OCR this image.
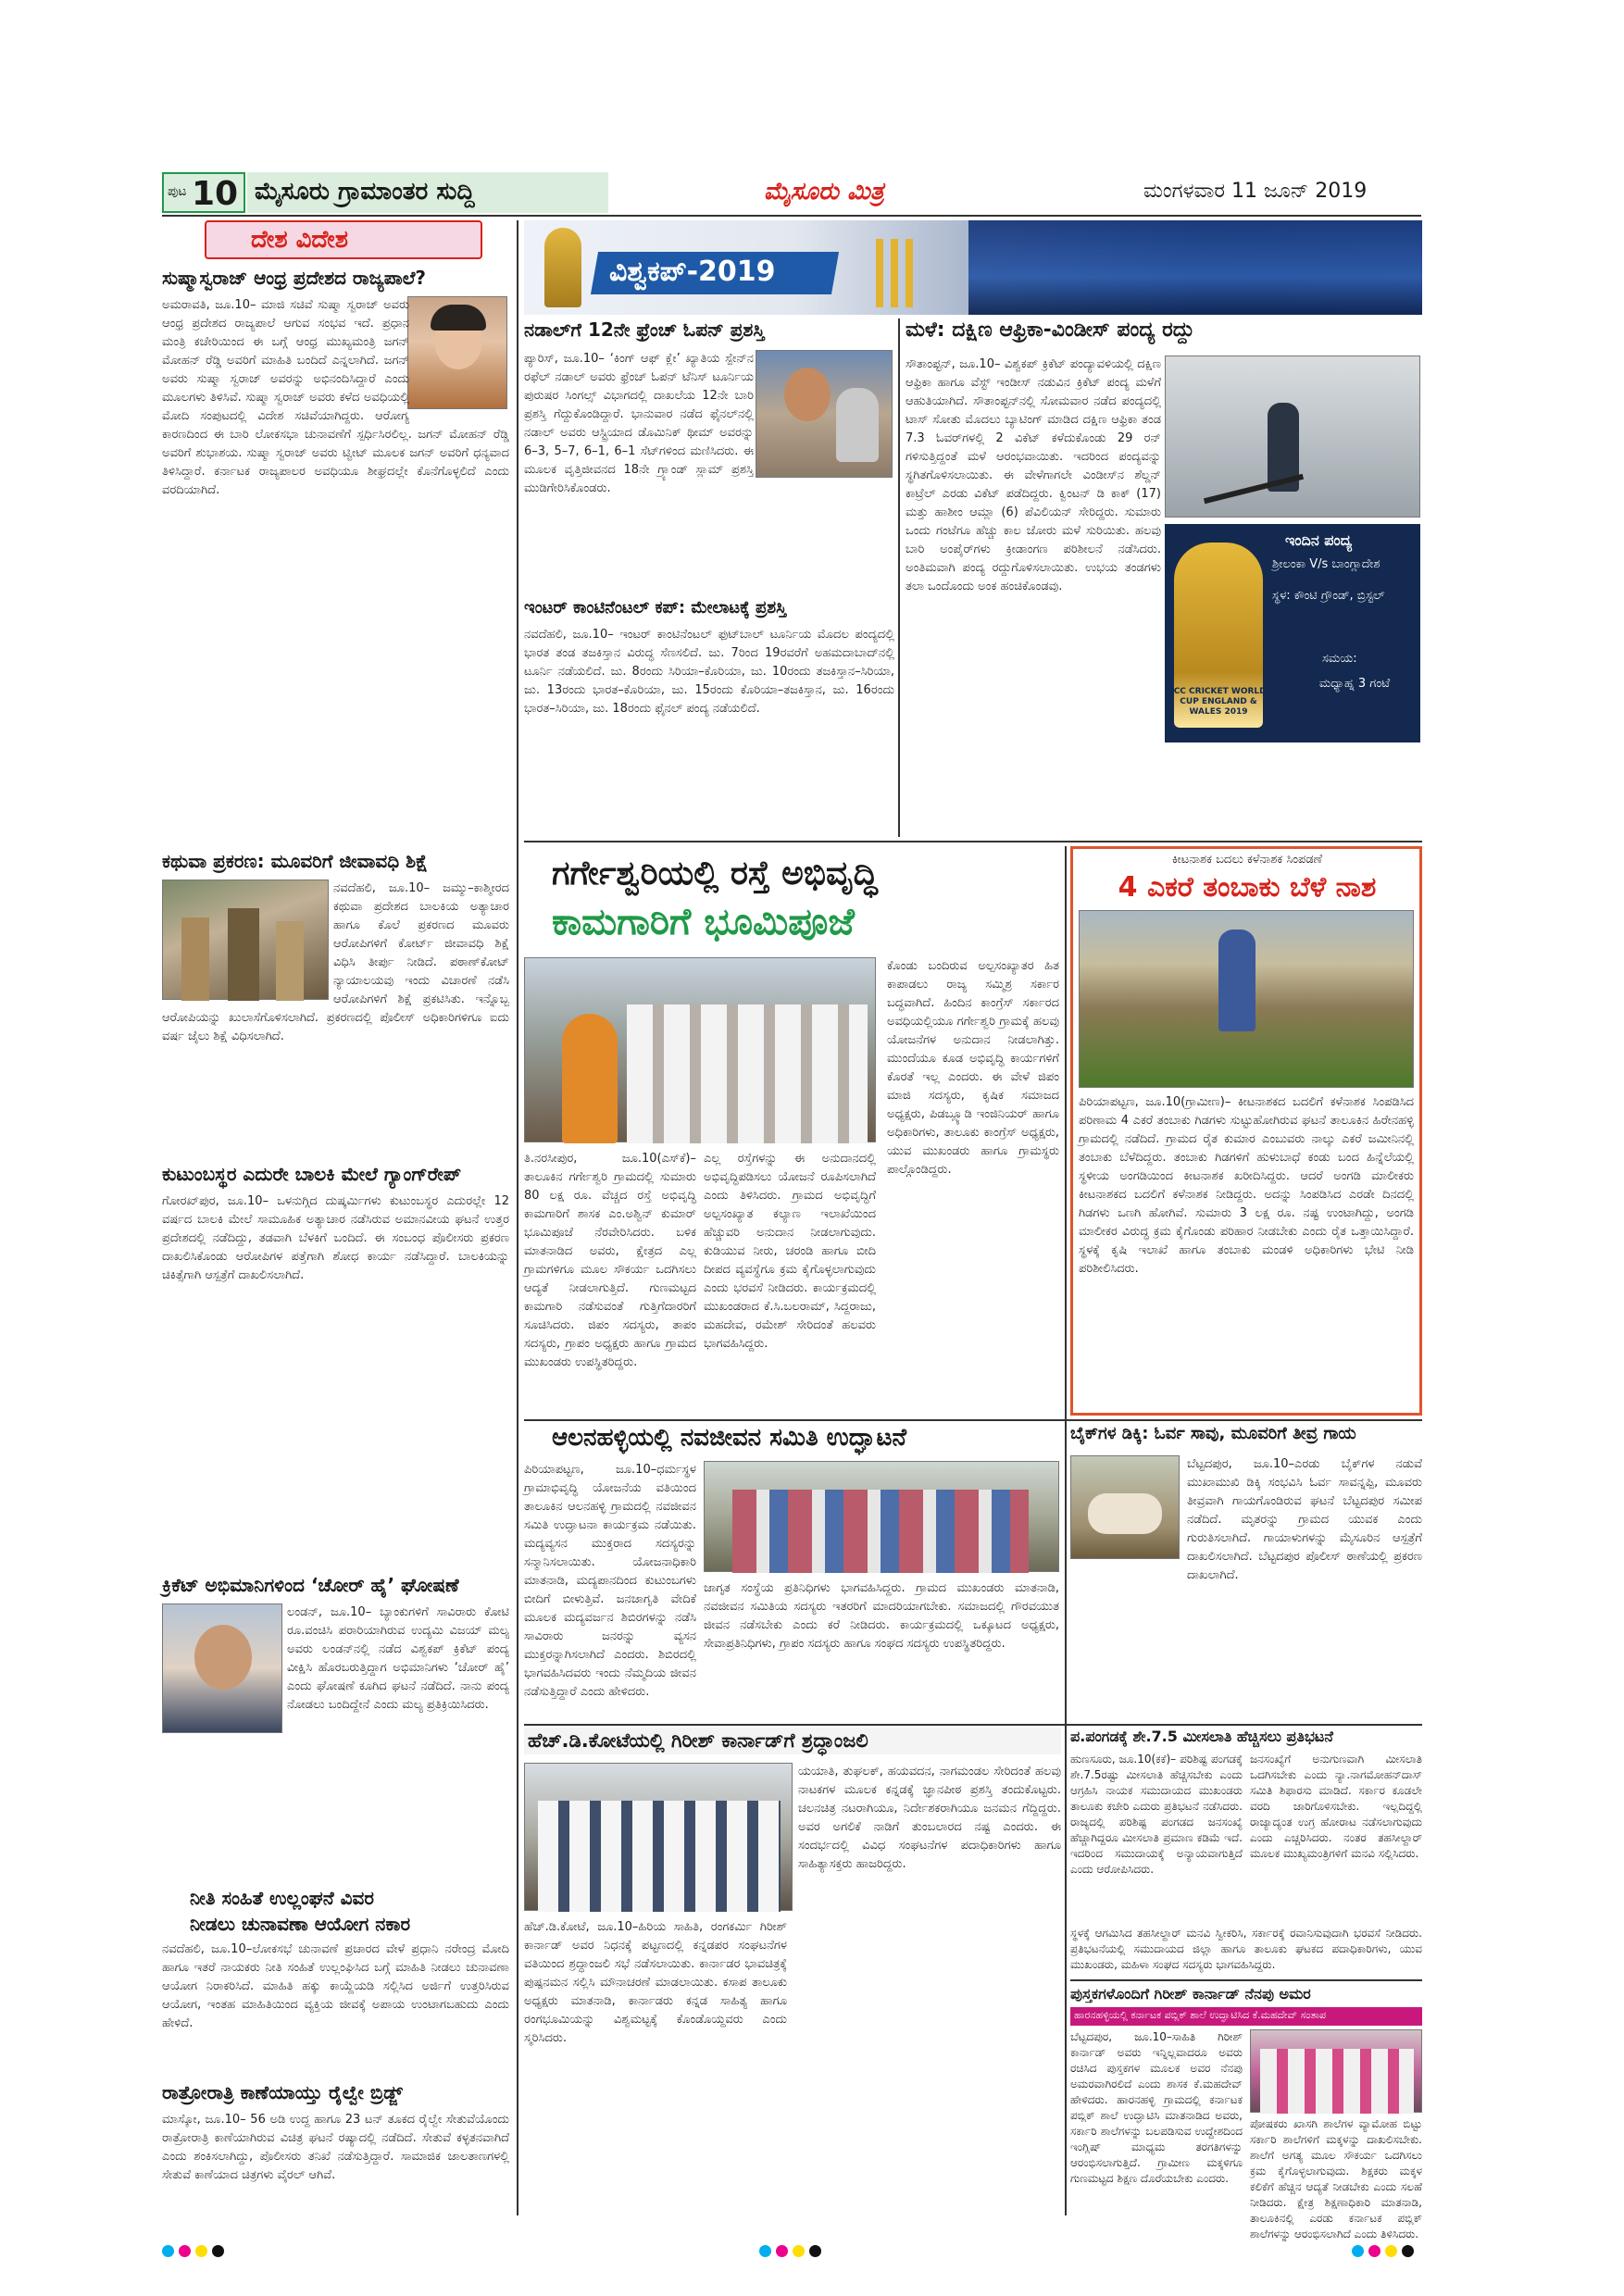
ಪುಟ 10 ಮೈಸೂರು ಗ್ರಾಮಾಂತರ ಸುದ್ದಿ	ಮೈಸೂರು ಮಿತ್ರ	ಮಂಗಳವಾರ 11 ಜೂನ್ 2019
ದೇಶ ವಿದೇಶ
ಸುಷ್ಮಾಸ್ವರಾಜ್ ಆಂಧ್ರ ಪ್ರದೇಶದ ರಾಜ್ಯಪಾಲೆ?
ಅಮರಾವತಿ, ಜೂ.10– ಮಾಜಿ ಸಚಿವೆ ಸುಷ್ಮಾ ಸ್ವರಾಜ್ ಅವರು ಆಂಧ್ರ ಪ್ರದೇಶದ ರಾಜ್ಯಪಾಲೆ ಆಗುವ ಸಂಭವ ಇದೆ. ಪ್ರಧಾನ ಮಂತ್ರಿ ಕಚೇರಿಯಿಂದ ಈ ಬಗ್ಗೆ ಆಂಧ್ರ ಮುಖ್ಯಮಂತ್ರಿ ಜಗನ್ ಮೋಹನ್ ರೆಡ್ಡಿ ಅವರಿಗೆ ಮಾಹಿತಿ ಬಂದಿದೆ ಎನ್ನಲಾಗಿದೆ. ಜಗನ್ ಅವರು ಸುಷ್ಮಾ ಸ್ವರಾಜ್ ಅವರನ್ನು ಅಭಿನಂದಿಸಿದ್ದಾರೆ ಎಂದು ಮೂಲಗಳು ತಿಳಿಸಿವೆ. ಸುಷ್ಮಾ ಸ್ವರಾಜ್ ಅವರು ಕಳೆದ ಅವಧಿಯಲ್ಲಿ ಮೋದಿ ಸಂಪುಟದಲ್ಲಿ ವಿದೇಶ ಸಚಿವೆಯಾಗಿದ್ದರು. ಆರೋಗ್ಯ ಕಾರಣದಿಂದ ಈ ಬಾರಿ ಲೋಕಸಭಾ ಚುನಾವಣೆಗೆ ಸ್ಪರ್ಧಿಸಿರಲಿಲ್ಲ. ಜಗನ್ ಮೋಹನ್ ರೆಡ್ಡಿ ಅವರಿಗೆ ಶುಭಾಶಯ. ಸುಷ್ಮಾ ಸ್ವರಾಜ್ ಅವರು ಟ್ವೀಟ್ ಮೂಲಕ ಜಗನ್ ಅವರಿಗೆ ಧನ್ಯವಾದ ತಿಳಿಸಿದ್ದಾರೆ. ಕರ್ನಾಟಕ ರಾಜ್ಯಪಾಲರ ಅವಧಿಯೂ ಶೀಘ್ರದಲ್ಲೇ ಕೊನೆಗೊಳ್ಳಲಿದೆ ಎಂದು ವರದಿಯಾಗಿದೆ.
ಕಥುವಾ ಪ್ರಕರಣ: ಮೂವರಿಗೆ ಜೀವಾವಧಿ ಶಿಕ್ಷೆ
ನವದೆಹಲಿ, ಜೂ.10– ಜಮ್ಮು–ಕಾಶ್ಮೀರದ ಕಥುವಾ ಪ್ರದೇಶದ ಬಾಲಕಿಯ ಅತ್ಯಾಚಾರ ಹಾಗೂ ಕೊಲೆ ಪ್ರಕರಣದ ಮೂವರು ಆರೋಪಿಗಳಿಗೆ ಕೋರ್ಟ್ ಜೀವಾವಧಿ ಶಿಕ್ಷೆ ವಿಧಿಸಿ ತೀರ್ಪು ನೀಡಿದೆ. ಪಠಾಣ್‌ಕೋಟ್ ನ್ಯಾಯಾಲಯವು ಇಂದು ವಿಚಾರಣೆ ನಡೆಸಿ ಆರೋಪಿಗಳಿಗೆ ಶಿಕ್ಷೆ ಪ್ರಕಟಿಸಿತು. ಇನ್ನೊಬ್ಬ ಆರೋಪಿಯನ್ನು ಖುಲಾಸೆಗೊಳಿಸಲಾಗಿದೆ. ಪ್ರಕರಣದಲ್ಲಿ ಪೊಲೀಸ್ ಅಧಿಕಾರಿಗಳಿಗೂ ಐದು ವರ್ಷ ಜೈಲು ಶಿಕ್ಷೆ ವಿಧಿಸಲಾಗಿದೆ.
ಕುಟುಂಬಸ್ಥರ ಎದುರೇ ಬಾಲಕಿ ಮೇಲೆ ಗ್ಯಾಂಗ್‌ರೇಪ್
ಗೋರಖ್‌ಪುರ, ಜೂ.10– ಒಳನುಗ್ಗಿದ ದುಷ್ಕರ್ಮಿಗಳು ಕುಟುಂಬಸ್ಥರ ಎದುರಲ್ಲೇ 12 ವರ್ಷದ ಬಾಲಕಿ ಮೇಲೆ ಸಾಮೂಹಿಕ ಅತ್ಯಾಚಾರ ನಡೆಸಿರುವ ಅಮಾನವೀಯ ಘಟನೆ ಉತ್ತರ ಪ್ರದೇಶದಲ್ಲಿ ನಡೆದಿದ್ದು, ತಡವಾಗಿ ಬೆಳಕಿಗೆ ಬಂದಿದೆ. ಈ ಸಂಬಂಧ ಪೊಲೀಸರು ಪ್ರಕರಣ ದಾಖಲಿಸಿಕೊಂಡು ಆರೋಪಿಗಳ ಪತ್ತೆಗಾಗಿ ಶೋಧ ಕಾರ್ಯ ನಡೆಸಿದ್ದಾರೆ. ಬಾಲಕಿಯನ್ನು ಚಿಕಿತ್ಸೆಗಾಗಿ ಆಸ್ಪತ್ರೆಗೆ ದಾಖಲಿಸಲಾಗಿದೆ.
ಕ್ರಿಕೆಟ್ ಅಭಿಮಾನಿಗಳಿಂದ ‘ಚೋರ್ ಹೈ’ ಘೋಷಣೆ
ಲಂಡನ್, ಜೂ.10– ಬ್ಯಾಂಕುಗಳಿಗೆ ಸಾವಿರಾರು ಕೋಟಿ ರೂ.ವಂಚಿಸಿ ಪರಾರಿಯಾಗಿರುವ ಉದ್ಯಮಿ ವಿಜಯ್ ಮಲ್ಯ ಅವರು ಲಂಡನ್‌ನಲ್ಲಿ ನಡೆದ ವಿಶ್ವಕಪ್ ಕ್ರಿಕೆಟ್ ಪಂದ್ಯ ವೀಕ್ಷಿಸಿ ಹೊರಬರುತ್ತಿದ್ದಾಗ ಅಭಿಮಾನಿಗಳು ‘ಚೋರ್ ಹೈ’ ಎಂದು ಘೋಷಣೆ ಕೂಗಿದ ಘಟನೆ ನಡೆದಿದೆ. ನಾನು ಪಂದ್ಯ ನೋಡಲು ಬಂದಿದ್ದೇನೆ ಎಂದು ಮಲ್ಯ ಪ್ರತಿಕ್ರಿಯಿಸಿದರು.
ನೀತಿ ಸಂಹಿತೆ ಉಲ್ಲಂಘನೆ ವಿವರ
ನೀಡಲು ಚುನಾವಣಾ ಆಯೋಗ ನಕಾರ
ನವದೆಹಲಿ, ಜೂ.10–ಲೋಕಸಭೆ ಚುನಾವಣೆ ಪ್ರಚಾರದ ವೇಳೆ ಪ್ರಧಾನಿ ನರೇಂದ್ರ ಮೋದಿ ಹಾಗೂ ಇತರೆ ನಾಯಕರು ನೀತಿ ಸಂಹಿತೆ ಉಲ್ಲಂಘಿಸಿದ ಬಗ್ಗೆ ಮಾಹಿತಿ ನೀಡಲು ಚುನಾವಣಾ ಆಯೋಗ ನಿರಾಕರಿಸಿದೆ. ಮಾಹಿತಿ ಹಕ್ಕು ಕಾಯ್ದೆಯಡಿ ಸಲ್ಲಿಸಿದ ಅರ್ಜಿಗೆ ಉತ್ತರಿಸಿರುವ ಆಯೋಗ, ಇಂತಹ ಮಾಹಿತಿಯಿಂದ ವ್ಯಕ್ತಿಯ ಜೀವಕ್ಕೆ ಅಪಾಯ ಉಂಟಾಗಬಹುದು ಎಂದು ಹೇಳಿದೆ.
ರಾತ್ರೋರಾತ್ರಿ ಕಾಣೆಯಾಯ್ತು ರೈಲ್ವೇ ಬ್ರಿಡ್ಜ್
ಮಾಸ್ಕೋ, ಜೂ.10– 56 ಅಡಿ ಉದ್ದ ಹಾಗೂ 23 ಟನ್ ತೂಕದ ರೈಲ್ವೇ ಸೇತುವೆಯೊಂದು ರಾತ್ರೋರಾತ್ರಿ ಕಾಣೆಯಾಗಿರುವ ವಿಚಿತ್ರ ಘಟನೆ ರಷ್ಯಾದಲ್ಲಿ ನಡೆದಿದೆ. ಸೇತುವೆ ಕಳ್ಳತನವಾಗಿದೆ ಎಂದು ಶಂಕಿಸಲಾಗಿದ್ದು, ಪೊಲೀಸರು ತನಿಖೆ ನಡೆಸುತ್ತಿದ್ದಾರೆ. ಸಾಮಾಜಿಕ ಜಾಲತಾಣಗಳಲ್ಲಿ ಸೇತುವೆ ಕಾಣೆಯಾದ ಚಿತ್ರಗಳು ವೈರಲ್ ಆಗಿವೆ.
ವಿಶ್ವಕಪ್-2019
ನಡಾಲ್‌ಗೆ 12ನೇ ಫ್ರೆಂಚ್ ಓಪನ್ ಪ್ರಶಸ್ತಿ
ಪ್ಯಾರಿಸ್, ಜೂ.10– ‘ಕಿಂಗ್ ಆಫ್ ಕ್ಲೇ’ ಖ್ಯಾತಿಯ ಸ್ಪೇನ್‌ನ ರಫೆಲ್ ನಡಾಲ್ ಅವರು ಫ್ರೆಂಚ್ ಓಪನ್ ಟೆನಿಸ್ ಟೂರ್ನಿಯ ಪುರುಷರ ಸಿಂಗಲ್ಸ್ ವಿಭಾಗದಲ್ಲಿ ದಾಖಲೆಯ 12ನೇ ಬಾರಿ ಪ್ರಶಸ್ತಿ ಗೆದ್ದುಕೊಂಡಿದ್ದಾರೆ. ಭಾನುವಾರ ನಡೆದ ಫೈನಲ್‌ನಲ್ಲಿ ನಡಾಲ್ ಅವರು ಆಸ್ಟ್ರಿಯಾದ ಡೊಮಿನಿಕ್ ಥೀಮ್ ಅವರನ್ನು 6–3, 5–7, 6–1, 6–1 ಸೆಟ್‌ಗಳಿಂದ ಮಣಿಸಿದರು. ಈ ಮೂಲಕ ವೃತ್ತಿಜೀವನದ 18ನೇ ಗ್ರ್ಯಾಂಡ್ ಸ್ಲಾಮ್ ಪ್ರಶಸ್ತಿ ಮುಡಿಗೇರಿಸಿಕೊಂಡರು.
ಇಂಟರ್ ಕಾಂಟಿನೆಂಟಲ್ ಕಪ್: ಮೇಲಾಟಕ್ಕೆ ಪ್ರಶಸ್ತಿ
ನವದೆಹಲಿ, ಜೂ.10– ಇಂಟರ್ ಕಾಂಟಿನೆಂಟಲ್ ಫುಟ್‌ಬಾಲ್ ಟೂರ್ನಿಯ ಮೊದಲ ಪಂದ್ಯದಲ್ಲಿ ಭಾರತ ತಂಡ ತಜಕಿಸ್ತಾನ ವಿರುದ್ಧ ಸೆಣಸಲಿದೆ. ಜು. 7ರಿಂದ 19ರವರೆಗೆ ಅಹಮದಾಬಾದ್‌ನಲ್ಲಿ ಟೂರ್ನಿ ನಡೆಯಲಿದೆ. ಜು. 8ರಂದು ಸಿರಿಯಾ–ಕೊರಿಯಾ, ಜು. 10ರಂದು ತಜಕಿಸ್ತಾನ–ಸಿರಿಯಾ, ಜು. 13ರಂದು ಭಾರತ–ಕೊರಿಯಾ, ಜು. 15ರಂದು ಕೊರಿಯಾ–ತಜಕಿಸ್ತಾನ, ಜು. 16ರಂದು ಭಾರತ–ಸಿರಿಯಾ, ಜು. 18ರಂದು ಫೈನಲ್ ಪಂದ್ಯ ನಡೆಯಲಿದೆ.
ಮಳೆ: ದಕ್ಷಿಣ ಆಫ್ರಿಕಾ-ವಿಂಡೀಸ್ ಪಂದ್ಯ ರದ್ದು
ಸೌತಾಂಪ್ಟನ್, ಜೂ.10– ವಿಶ್ವಕಪ್ ಕ್ರಿಕೆಟ್ ಪಂದ್ಯಾವಳಿಯಲ್ಲಿ ದಕ್ಷಿಣ ಆಫ್ರಿಕಾ ಹಾಗೂ ವೆಸ್ಟ್ ಇಂಡೀಸ್ ನಡುವಿನ ಕ್ರಿಕೆಟ್ ಪಂದ್ಯ ಮಳೆಗೆ ಆಹುತಿಯಾಗಿದೆ. ಸೌತಾಂಪ್ಟನ್‌ನಲ್ಲಿ ಸೋಮವಾರ ನಡೆದ ಪಂದ್ಯದಲ್ಲಿ ಟಾಸ್ ಸೋತು ಮೊದಲು ಬ್ಯಾಟಿಂಗ್ ಮಾಡಿದ ದಕ್ಷಿಣ ಆಫ್ರಿಕಾ ತಂಡ 7.3 ಓವರ್‌ಗಳಲ್ಲಿ 2 ವಿಕೆಟ್ ಕಳೆದುಕೊಂಡು 29 ರನ್ ಗಳಿಸುತ್ತಿದ್ದಂತೆ ಮಳೆ ಆರಂಭವಾಯಿತು. ಇದರಿಂದ ಪಂದ್ಯವನ್ನು ಸ್ಥಗಿತಗೊಳಿಸಲಾಯಿತು. ಈ ವೇಳೆಗಾಗಲೇ ವಿಂಡೀಸ್‌ನ ಶೆಲ್ಡನ್ ಕಾಟ್ರೆಲ್ ಎರಡು ವಿಕೆಟ್ ಪಡೆದಿದ್ದರು. ಕ್ವಿಂಟನ್ ಡಿ ಕಾಕ್ (17) ಮತ್ತು ಹಾಶೀಂ ಆಮ್ಲಾ (6) ಪೆವಿಲಿಯನ್ ಸೇರಿದ್ದರು. ಸುಮಾರು ಒಂದು ಗಂಟೆಗೂ ಹೆಚ್ಚು ಕಾಲ ಜೋರು ಮಳೆ ಸುರಿಯಿತು. ಹಲವು ಬಾರಿ ಅಂಪೈರ್‌ಗಳು ಕ್ರೀಡಾಂಗಣ ಪರಿಶೀಲನೆ ನಡೆಸಿದರು. ಅಂತಿಮವಾಗಿ ಪಂದ್ಯ ರದ್ದುಗೊಳಿಸಲಾಯಿತು. ಉಭಯ ತಂಡಗಳು ತಲಾ ಒಂದೊಂದು ಅಂಕ ಹಂಚಿಕೊಂಡವು.
ICC CRICKET WORLD CUP ENGLAND & WALES 2019
ಇಂದಿನ ಪಂದ್ಯ
ಶ್ರೀಲಂಕಾ V/s ಬಾಂಗ್ಲಾದೇಶ
ಸ್ಥಳ: ಕೌಂಟಿ ಗ್ರೌಂಡ್, ಬ್ರಿಸ್ಟಲ್
ಸಮಯ:
ಮಧ್ಯಾಹ್ನ 3 ಗಂಟೆ
ಗರ್ಗೇಶ್ವರಿಯಲ್ಲಿ ರಸ್ತೆ ಅಭಿವೃದ್ಧಿ
ಕಾಮಗಾರಿಗೆ ಭೂಮಿಪೂಜೆ
ತಿ.ನರಸೀಪುರ, ಜೂ.10(ಎಸ್‌ಕೆ)– ತಾಲೂಕಿನ ಗರ್ಗೇಶ್ವರಿ ಗ್ರಾಮದಲ್ಲಿ ಸುಮಾರು 80 ಲಕ್ಷ ರೂ. ವೆಚ್ಚದ ರಸ್ತೆ ಅಭಿವೃದ್ಧಿ ಕಾಮಗಾರಿಗೆ ಶಾಸಕ ಎಂ.ಅಶ್ವಿನ್ ಕುಮಾರ್ ಭೂಮಿಪೂಜೆ ನೆರವೇರಿಸಿದರು. ಬಳಿಕ ಮಾತನಾಡಿದ ಅವರು, ಕ್ಷೇತ್ರದ ಎಲ್ಲ ಗ್ರಾಮಗಳಿಗೂ ಮೂಲ ಸೌಕರ್ಯ ಒದಗಿಸಲು ಆದ್ಯತೆ ನೀಡಲಾಗುತ್ತಿದೆ. ಗುಣಮಟ್ಟದ ಕಾಮಗಾರಿ ನಡೆಸುವಂತೆ ಗುತ್ತಿಗೆದಾರರಿಗೆ ಸೂಚಿಸಿದರು. ಜಿಪಂ ಸದಸ್ಯರು, ತಾಪಂ ಸದಸ್ಯರು, ಗ್ರಾಪಂ ಅಧ್ಯಕ್ಷರು ಹಾಗೂ ಗ್ರಾಮದ ಮುಖಂಡರು ಉಪಸ್ಥಿತರಿದ್ದರು.
ಎಲ್ಲ ರಸ್ತೆಗಳನ್ನು ಈ ಅನುದಾನದಲ್ಲಿ ಅಭಿವೃದ್ಧಿಪಡಿಸಲು ಯೋಜನೆ ರೂಪಿಸಲಾಗಿದೆ ಎಂದು ತಿಳಿಸಿದರು. ಗ್ರಾಮದ ಅಭಿವೃದ್ಧಿಗೆ ಅಲ್ಪಸಂಖ್ಯಾತ ಕಲ್ಯಾಣ ಇಲಾಖೆಯಿಂದ ಹೆಚ್ಚುವರಿ ಅನುದಾನ ನೀಡಲಾಗುವುದು. ಕುಡಿಯುವ ನೀರು, ಚರಂಡಿ ಹಾಗೂ ಬೀದಿ ದೀಪದ ವ್ಯವಸ್ಥೆಗೂ ಕ್ರಮ ಕೈಗೊಳ್ಳಲಾಗುವುದು ಎಂದು ಭರವಸೆ ನೀಡಿದರು. ಕಾರ್ಯಕ್ರಮದಲ್ಲಿ ಮುಖಂಡರಾದ ಕೆ.ಸಿ.ಬಲರಾಮ್, ಸಿದ್ದರಾಜು, ಮಹದೇವ, ರಮೇಶ್ ಸೇರಿದಂತೆ ಹಲವರು ಭಾಗವಹಿಸಿದ್ದರು.
ಕೊಂಡು ಬಂದಿರುವ ಅಲ್ಪಸಂಖ್ಯಾತರ ಹಿತ ಕಾಪಾಡಲು ರಾಜ್ಯ ಸಮ್ಮಿಶ್ರ ಸರ್ಕಾರ ಬದ್ಧವಾಗಿದೆ. ಹಿಂದಿನ ಕಾಂಗ್ರೆಸ್ ಸರ್ಕಾರದ ಅವಧಿಯಲ್ಲಿಯೂ ಗರ್ಗೇಶ್ವರಿ ಗ್ರಾಮಕ್ಕೆ ಹಲವು ಯೋಜನೆಗಳ ಅನುದಾನ ನೀಡಲಾಗಿತ್ತು. ಮುಂದೆಯೂ ಕೂಡ ಅಭಿವೃದ್ಧಿ ಕಾರ್ಯಗಳಿಗೆ ಕೊರತೆ ಇಲ್ಲ ಎಂದರು. ಈ ವೇಳೆ ಜಿಪಂ ಮಾಜಿ ಸದಸ್ಯರು, ಕೃಷಿಕ ಸಮಾಜದ ಅಧ್ಯಕ್ಷರು, ಪಿಡಬ್ಲ್ಯೂಡಿ ಇಂಜಿನಿಯರ್ ಹಾಗೂ ಅಧಿಕಾರಿಗಳು, ತಾಲೂಕು ಕಾಂಗ್ರೆಸ್ ಅಧ್ಯಕ್ಷರು, ಯುವ ಮುಖಂಡರು ಹಾಗೂ ಗ್ರಾಮಸ್ಥರು ಪಾಲ್ಗೊಂಡಿದ್ದರು.
ಕೀಟನಾಶಕ ಬದಲು ಕಳೆನಾಶಕ ಸಿಂಪಡಣೆ
4 ಎಕರೆ ತಂಬಾಕು ಬೆಳೆ ನಾಶ
ಪಿರಿಯಾಪಟ್ಟಣ, ಜೂ.10(ಗ್ರಾಮೀಣ)– ಕೀಟನಾಶಕದ ಬದಲಿಗೆ ಕಳೆನಾಶಕ ಸಿಂಪಡಿಸಿದ ಪರಿಣಾಮ 4 ಎಕರೆ ತಂಬಾಕು ಗಿಡಗಳು ಸುಟ್ಟುಹೋಗಿರುವ ಘಟನೆ ತಾಲೂಕಿನ ಹಿರೇನಹಳ್ಳಿ ಗ್ರಾಮದಲ್ಲಿ ನಡೆದಿದೆ. ಗ್ರಾಮದ ರೈತ ಕುಮಾರ ಎಂಬುವರು ನಾಲ್ಕು ಎಕರೆ ಜಮೀನಿನಲ್ಲಿ ತಂಬಾಕು ಬೆಳೆದಿದ್ದರು. ತಂಬಾಕು ಗಿಡಗಳಿಗೆ ಹುಳುಬಾಧೆ ಕಂಡು ಬಂದ ಹಿನ್ನೆಲೆಯಲ್ಲಿ ಸ್ಥಳೀಯ ಅಂಗಡಿಯಿಂದ ಕೀಟನಾಶಕ ಖರೀದಿಸಿದ್ದರು. ಆದರೆ ಅಂಗಡಿ ಮಾಲೀಕರು ಕೀಟನಾಶಕದ ಬದಲಿಗೆ ಕಳೆನಾಶಕ ನೀಡಿದ್ದರು. ಅದನ್ನು ಸಿಂಪಡಿಸಿದ ಎರಡೇ ದಿನದಲ್ಲಿ ಗಿಡಗಳು ಒಣಗಿ ಹೋಗಿವೆ. ಸುಮಾರು 3 ಲಕ್ಷ ರೂ. ನಷ್ಟ ಉಂಟಾಗಿದ್ದು, ಅಂಗಡಿ ಮಾಲೀಕರ ವಿರುದ್ಧ ಕ್ರಮ ಕೈಗೊಂಡು ಪರಿಹಾರ ನೀಡಬೇಕು ಎಂದು ರೈತ ಒತ್ತಾಯಿಸಿದ್ದಾರೆ. ಸ್ಥಳಕ್ಕೆ ಕೃಷಿ ಇಲಾಖೆ ಹಾಗೂ ತಂಬಾಕು ಮಂಡಳಿ ಅಧಿಕಾರಿಗಳು ಭೇಟಿ ನೀಡಿ ಪರಿಶೀಲಿಸಿದರು.
ಆಲನಹಳ್ಳಿಯಲ್ಲಿ ನವಜೀವನ ಸಮಿತಿ ಉದ್ಘಾಟನೆ
ಪಿರಿಯಾಪಟ್ಟಣ, ಜೂ.10–ಧರ್ಮಸ್ಥಳ ಗ್ರಾಮಾಭಿವೃದ್ಧಿ ಯೋಜನೆಯ ವತಿಯಿಂದ ತಾಲೂಕಿನ ಆಲನಹಳ್ಳಿ ಗ್ರಾಮದಲ್ಲಿ ನವಜೀವನ ಸಮಿತಿ ಉದ್ಘಾಟನಾ ಕಾರ್ಯಕ್ರಮ ನಡೆಯಿತು. ಮದ್ಯವ್ಯಸನ ಮುಕ್ತರಾದ ಸದಸ್ಯರನ್ನು ಸನ್ಮಾನಿಸಲಾಯಿತು. ಯೋಜನಾಧಿಕಾರಿ ಮಾತನಾಡಿ, ಮದ್ಯಪಾನದಿಂದ ಕುಟುಂಬಗಳು ಬೀದಿಗೆ ಬೀಳುತ್ತಿವೆ. ಜನಜಾಗೃತಿ ವೇದಿಕೆ ಮೂಲಕ ಮದ್ಯವರ್ಜನ ಶಿಬಿರಗಳನ್ನು ನಡೆಸಿ ಸಾವಿರಾರು ಜನರನ್ನು ವ್ಯಸನ ಮುಕ್ತರನ್ನಾಗಿಸಲಾಗಿದೆ ಎಂದರು. ಶಿಬಿರದಲ್ಲಿ ಭಾಗವಹಿಸಿದವರು ಇಂದು ನೆಮ್ಮದಿಯ ಜೀವನ ನಡೆಸುತ್ತಿದ್ದಾರೆ ಎಂದು ಹೇಳಿದರು.
ಜಾಗೃತ ಸಂಸ್ಥೆಯ ಪ್ರತಿನಿಧಿಗಳು ಭಾಗವಹಿಸಿದ್ದರು. ಗ್ರಾಮದ ಮುಖಂಡರು ಮಾತನಾಡಿ, ನವಜೀವನ ಸಮಿತಿಯ ಸದಸ್ಯರು ಇತರರಿಗೆ ಮಾದರಿಯಾಗಬೇಕು. ಸಮಾಜದಲ್ಲಿ ಗೌರವಯುತ ಜೀವನ ನಡೆಸಬೇಕು ಎಂದು ಕರೆ ನೀಡಿದರು. ಕಾರ್ಯಕ್ರಮದಲ್ಲಿ ಒಕ್ಕೂಟದ ಅಧ್ಯಕ್ಷರು, ಸೇವಾಪ್ರತಿನಿಧಿಗಳು, ಗ್ರಾಪಂ ಸದಸ್ಯರು ಹಾಗೂ ಸಂಘದ ಸದಸ್ಯರು ಉಪಸ್ಥಿತರಿದ್ದರು.
ಬೈಕ್‌ಗಳ ಡಿಕ್ಕಿ: ಓರ್ವ ಸಾವು, ಮೂವರಿಗೆ ತೀವ್ರ ಗಾಯ
ಬೆಟ್ಟದಪುರ, ಜೂ.10–ಎರಡು ಬೈಕ್‌ಗಳ ನಡುವೆ ಮುಖಾಮುಖಿ ಡಿಕ್ಕಿ ಸಂಭವಿಸಿ ಓರ್ವ ಸಾವನ್ನಪ್ಪಿ, ಮೂವರು ತೀವ್ರವಾಗಿ ಗಾಯಗೊಂಡಿರುವ ಘಟನೆ ಬೆಟ್ಟದಪುರ ಸಮೀಪ ನಡೆದಿದೆ. ಮೃತರನ್ನು ಗ್ರಾಮದ ಯುವಕ ಎಂದು ಗುರುತಿಸಲಾಗಿದೆ. ಗಾಯಾಳುಗಳನ್ನು ಮೈಸೂರಿನ ಆಸ್ಪತ್ರೆಗೆ ದಾಖಲಿಸಲಾಗಿದೆ. ಬೆಟ್ಟದಪುರ ಪೊಲೀಸ್ ಠಾಣೆಯಲ್ಲಿ ಪ್ರಕರಣ ದಾಖಲಾಗಿದೆ.
ಹೆಚ್.ಡಿ.ಕೋಟೆಯಲ್ಲಿ ಗಿರೀಶ್ ಕಾರ್ನಾಡ್‌ಗೆ ಶ್ರದ್ಧಾಂಜಲಿ
ಹೆಚ್.ಡಿ.ಕೋಟೆ, ಜೂ.10–ಹಿರಿಯ ಸಾಹಿತಿ, ರಂಗಕರ್ಮಿ ಗಿರೀಶ್ ಕಾರ್ನಾಡ್ ಅವರ ನಿಧನಕ್ಕೆ ಪಟ್ಟಣದಲ್ಲಿ ಕನ್ನಡಪರ ಸಂಘಟನೆಗಳ ವತಿಯಿಂದ ಶ್ರದ್ಧಾಂಜಲಿ ಸಭೆ ನಡೆಸಲಾಯಿತು. ಕಾರ್ನಾಡರ ಭಾವಚಿತ್ರಕ್ಕೆ ಪುಷ್ಪನಮನ ಸಲ್ಲಿಸಿ ಮೌನಾಚರಣೆ ಮಾಡಲಾಯಿತು. ಕಸಾಪ ತಾಲೂಕು ಅಧ್ಯಕ್ಷರು ಮಾತನಾಡಿ, ಕಾರ್ನಾಡರು ಕನ್ನಡ ಸಾಹಿತ್ಯ ಹಾಗೂ ರಂಗಭೂಮಿಯನ್ನು ವಿಶ್ವಮಟ್ಟಕ್ಕೆ ಕೊಂಡೊಯ್ದವರು ಎಂದು ಸ್ಮರಿಸಿದರು.
ಯಯಾತಿ, ತುಘಲಕ್, ಹಯವದನ, ನಾಗಮಂಡಲ ಸೇರಿದಂತೆ ಹಲವು ನಾಟಕಗಳ ಮೂಲಕ ಕನ್ನಡಕ್ಕೆ ಜ್ಞಾನಪೀಠ ಪ್ರಶಸ್ತಿ ತಂದುಕೊಟ್ಟರು. ಚಲನಚಿತ್ರ ನಟರಾಗಿಯೂ, ನಿರ್ದೇಶಕರಾಗಿಯೂ ಜನಮನ ಗೆದ್ದಿದ್ದರು. ಅವರ ಅಗಲಿಕೆ ನಾಡಿಗೆ ತುಂಬಲಾರದ ನಷ್ಟ ಎಂದರು. ಈ ಸಂದರ್ಭದಲ್ಲಿ ವಿವಿಧ ಸಂಘಟನೆಗಳ ಪದಾಧಿಕಾರಿಗಳು ಹಾಗೂ ಸಾಹಿತ್ಯಾಸಕ್ತರು ಹಾಜರಿದ್ದರು.
ಪ.ಪಂಗಡಕ್ಕೆ ಶೇ.7.5 ಮೀಸಲಾತಿ ಹೆಚ್ಚಿಸಲು ಪ್ರತಿಭಟನೆ
ಹುಣಸೂರು, ಜೂ.10(ಕಕೆ)– ಪರಿಶಿಷ್ಟ ಪಂಗಡಕ್ಕೆ ಶೇ.7.5ರಷ್ಟು ಮೀಸಲಾತಿ ಹೆಚ್ಚಿಸಬೇಕು ಎಂದು ಆಗ್ರಹಿಸಿ ನಾಯಕ ಸಮುದಾಯದ ಮುಖಂಡರು ತಾಲೂಕು ಕಚೇರಿ ಎದುರು ಪ್ರತಿಭಟನೆ ನಡೆಸಿದರು. ರಾಜ್ಯದಲ್ಲಿ ಪರಿಶಿಷ್ಟ ಪಂಗಡದ ಜನಸಂಖ್ಯೆ ಹೆಚ್ಚಾಗಿದ್ದರೂ ಮೀಸಲಾತಿ ಪ್ರಮಾಣ ಕಡಿಮೆ ಇದೆ. ಇದರಿಂದ ಸಮುದಾಯಕ್ಕೆ ಅನ್ಯಾಯವಾಗುತ್ತಿದೆ ಎಂದು ಆರೋಪಿಸಿದರು.
ಜನಸಂಖ್ಯೆಗೆ ಅನುಗುಣವಾಗಿ ಮೀಸಲಾತಿ ಒದಗಿಸಬೇಕು ಎಂದು ನ್ಯಾ.ನಾಗಮೋಹನ್‌ದಾಸ್ ಸಮಿತಿ ಶಿಫಾರಸು ಮಾಡಿದೆ. ಸರ್ಕಾರ ಕೂಡಲೇ ವರದಿ ಜಾರಿಗೊಳಿಸಬೇಕು. ಇಲ್ಲದಿದ್ದಲ್ಲಿ ರಾಜ್ಯಾದ್ಯಂತ ಉಗ್ರ ಹೋರಾಟ ನಡೆಸಲಾಗುವುದು ಎಂದು ಎಚ್ಚರಿಸಿದರು. ನಂತರ ತಹಸೀಲ್ದಾರ್ ಮೂಲಕ ಮುಖ್ಯಮಂತ್ರಿಗಳಿಗೆ ಮನವಿ ಸಲ್ಲಿಸಿದರು.
ಸ್ಥಳಕ್ಕೆ ಆಗಮಿಸಿದ ತಹಸೀಲ್ದಾರ್ ಮನವಿ ಸ್ವೀಕರಿಸಿ, ಸರ್ಕಾರಕ್ಕೆ ರವಾನಿಸುವುದಾಗಿ ಭರವಸೆ ನೀಡಿದರು. ಪ್ರತಿಭಟನೆಯಲ್ಲಿ ಸಮುದಾಯದ ಜಿಲ್ಲಾ ಹಾಗೂ ತಾಲೂಕು ಘಟಕದ ಪದಾಧಿಕಾರಿಗಳು, ಯುವ ಮುಖಂಡರು, ಮಹಿಳಾ ಸಂಘದ ಸದಸ್ಯರು ಭಾಗವಹಿಸಿದ್ದರು.
ಪುಸ್ತಕಗಳೊಂದಿಗೆ ಗಿರೀಶ್ ಕಾರ್ನಾಡ್ ನೆನಪು ಅಮರ
ಹಾರನಹಳ್ಳಿಯಲ್ಲಿ ಕರ್ನಾಟಕ ಪಬ್ಲಿಕ್ ಶಾಲೆ ಉದ್ಘಾಟಿಸಿದ ಕೆ.ಮಹದೇವ್ ಸಂತಾಪ
ಬೆಟ್ಟದಪುರ, ಜೂ.10–ಸಾಹಿತಿ ಗಿರೀಶ್ ಕಾರ್ನಾಡ್ ಅವರು ಇನ್ನಿಲ್ಲವಾದರೂ ಅವರು ರಚಿಸಿದ ಪುಸ್ತಕಗಳ ಮೂಲಕ ಅವರ ನೆನಪು ಅಮರವಾಗಿರಲಿದೆ ಎಂದು ಶಾಸಕ ಕೆ.ಮಹದೇವ್ ಹೇಳಿದರು. ಹಾರನಹಳ್ಳಿ ಗ್ರಾಮದಲ್ಲಿ ಕರ್ನಾಟಕ ಪಬ್ಲಿಕ್ ಶಾಲೆ ಉದ್ಘಾಟಿಸಿ ಮಾತನಾಡಿದ ಅವರು, ಸರ್ಕಾರಿ ಶಾಲೆಗಳನ್ನು ಬಲಪಡಿಸುವ ಉದ್ದೇಶದಿಂದ ಇಂಗ್ಲಿಷ್ ಮಾಧ್ಯಮ ತರಗತಿಗಳನ್ನು ಆರಂಭಿಸಲಾಗುತ್ತಿದೆ. ಗ್ರಾಮೀಣ ಮಕ್ಕಳಿಗೂ ಗುಣಮಟ್ಟದ ಶಿಕ್ಷಣ ದೊರೆಯಬೇಕು ಎಂದರು.
ಪೋಷಕರು ಖಾಸಗಿ ಶಾಲೆಗಳ ವ್ಯಾಮೋಹ ಬಿಟ್ಟು ಸರ್ಕಾರಿ ಶಾಲೆಗಳಿಗೆ ಮಕ್ಕಳನ್ನು ದಾಖಲಿಸಬೇಕು. ಶಾಲೆಗೆ ಅಗತ್ಯ ಮೂಲ ಸೌಕರ್ಯ ಒದಗಿಸಲು ಕ್ರಮ ಕೈಗೊಳ್ಳಲಾಗುವುದು. ಶಿಕ್ಷಕರು ಮಕ್ಕಳ ಕಲಿಕೆಗೆ ಹೆಚ್ಚಿನ ಆದ್ಯತೆ ನೀಡಬೇಕು ಎಂದು ಸಲಹೆ ನೀಡಿದರು. ಕ್ಷೇತ್ರ ಶಿಕ್ಷಣಾಧಿಕಾರಿ ಮಾತನಾಡಿ, ತಾಲೂಕಿನಲ್ಲಿ ಎರಡು ಕರ್ನಾಟಕ ಪಬ್ಲಿಕ್ ಶಾಲೆಗಳನ್ನು ಆರಂಭಿಸಲಾಗಿದೆ ಎಂದು ತಿಳಿಸಿದರು.
